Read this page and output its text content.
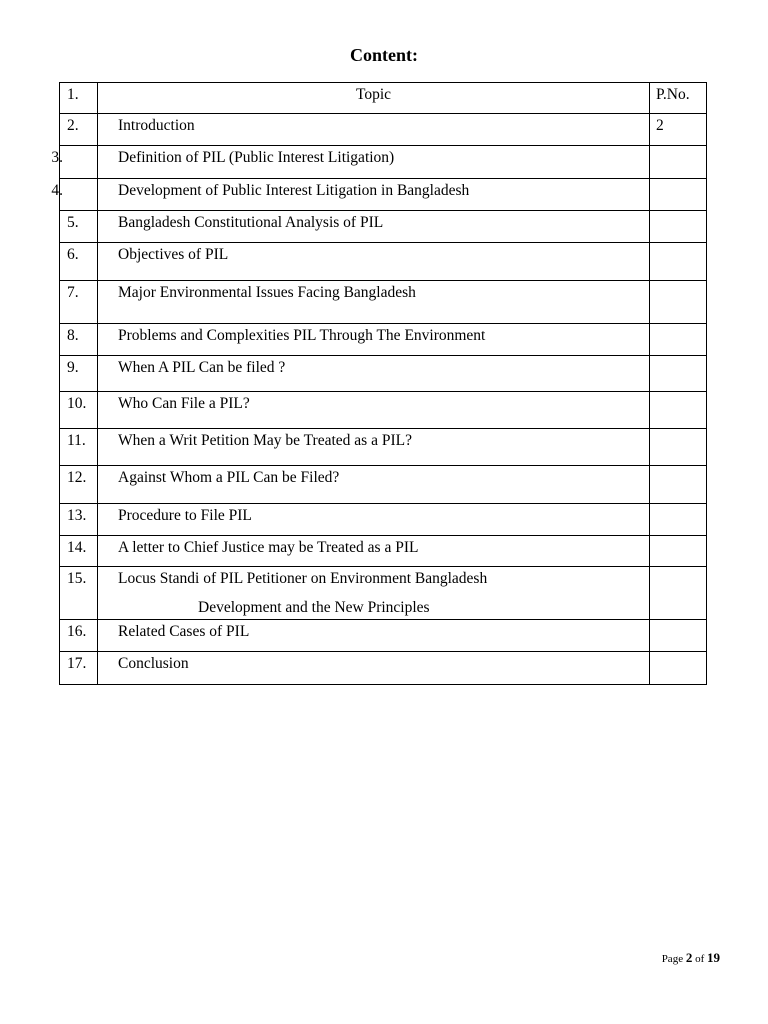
Content:
1.	Topic	P.No.
2.	Introduction	2

3.	Definition of PIL (Public Interest Litigation)	

4.	Development of Public Interest Litigation in Bangladesh	
5.	Bangladesh Constitutional Analysis of PIL	
6.	Objectives of PIL	
7.	Major Environmental Issues Facing Bangladesh	
8.	Problems and Complexities PIL Through The Environment	
9.	When A PIL Can be filed ?	
10.	Who Can File a PIL?	
11.	When a Writ Petition May be Treated as a PIL?	
12.	Against Whom a PIL Can be Filed?	
13.	Procedure to File PIL	
14.	A letter to Chief Justice may be Treated as a PIL	
15.	Locus Standi of PIL Petitioner on Environment Bangladesh
Development and the New Principles	

16.	Related Cases of PIL	
17.	Conclusion	
Page 2 of 19
